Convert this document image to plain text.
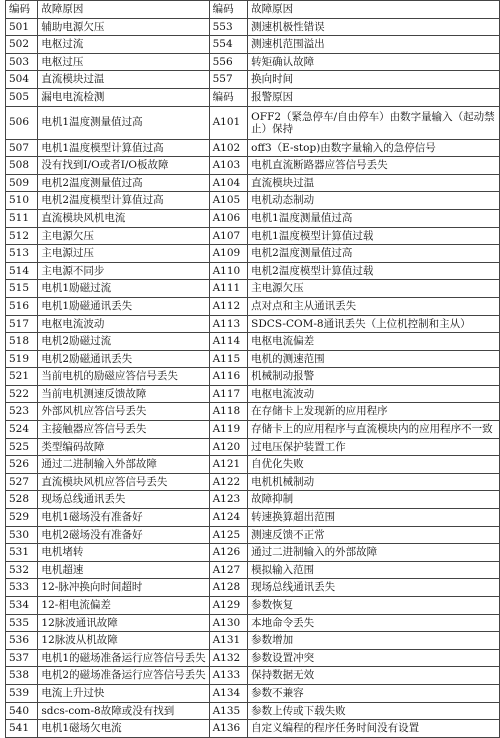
编码	故障原因	编码	故障原因
501	辅助电源欠压	553	测速机极性错误
502	电枢过流	554	测速机范围溢出
503	电枢过压	556	转矩确认故障
504	直流模块过温	557	换向时间
505	漏电电流检测	编码	报警原因
506	电机1温度测量值过高	A101	OFF2（紧急停车/自由停车）由数字量输入（起动禁止）保持
507	电机1温度模型计算值过高	A102	off3（E-stop)由数字量输入的急停信号
508	没有找到I/O或者I/O板故障	A103	电机直流断路器应答信号丢失
509	电机2温度测量值过高	A104	直流模块过温
510	电机2温度模型计算值过高	A105	电机动态制动
511	直流模块风机电流	A106	电机1温度测量值过高
512	主电源欠压	A107	电机1温度模型计算值过载
513	主电源过压	A109	电机2温度测量值过高
514	主电源不同步	A110	电机2温度模型计算值过载
515	电机1励磁过流	A111	主电源欠压
516	电机1励磁通讯丢失	A112	点对点和主从通讯丢失
517	电枢电流波动	A113	SDCS-COM-8通讯丢失（上位机控制和主从）
518	电机2励磁过流	A114	电枢电流偏差
519	电机2励磁通讯丢失	A115	电机的测速范围
521	当前电机的励磁应答信号丢失	A116	机械制动报警
522	当前电机测速反馈故障	A117	电枢电流波动
523	外部风机应答信号丢失	A118	在存储卡上发现新的应用程序
524	主接触器应答信号丢失	A119	存储卡上的应用程序与直流模块内的应用程序不一致
525	类型编码故障	A120	过电压保护装置工作
526	通过二进制输入外部故障	A121	自优化失败
527	直流模块风机应答信号丢失	A122	电机机械制动
528	现场总线通讯丢失	A123	故障抑制
529	电机1磁场没有准备好	A124	转速换算超出范围
530	电机2磁场没有准备好	A125	测速反馈不正常
531	电机堵转	A126	通过二进制输入的外部故障
532	电机超速	A127	模拟输入范围
533	12-脉冲换向时间超时	A128	现场总线通讯丢失
534	12-相电流偏差	A129	参数恢复
535	12脉波通讯故障	A130	本地命令丢失
536	12脉波从机故障	A131	参数增加
537	电机1的磁场准备运行应答信号丢失	A132	参数设置冲突
538	电机2的磁场准备运行应答信号丢失	A133	保持数据无效
539	电流上升过快	A134	参数不兼容
540	sdcs-com-8故障或没有找到	A135	参数上传或下载失败
541	电机1磁场欠电流	A136	自定义编程的程序任务时间没有设置
